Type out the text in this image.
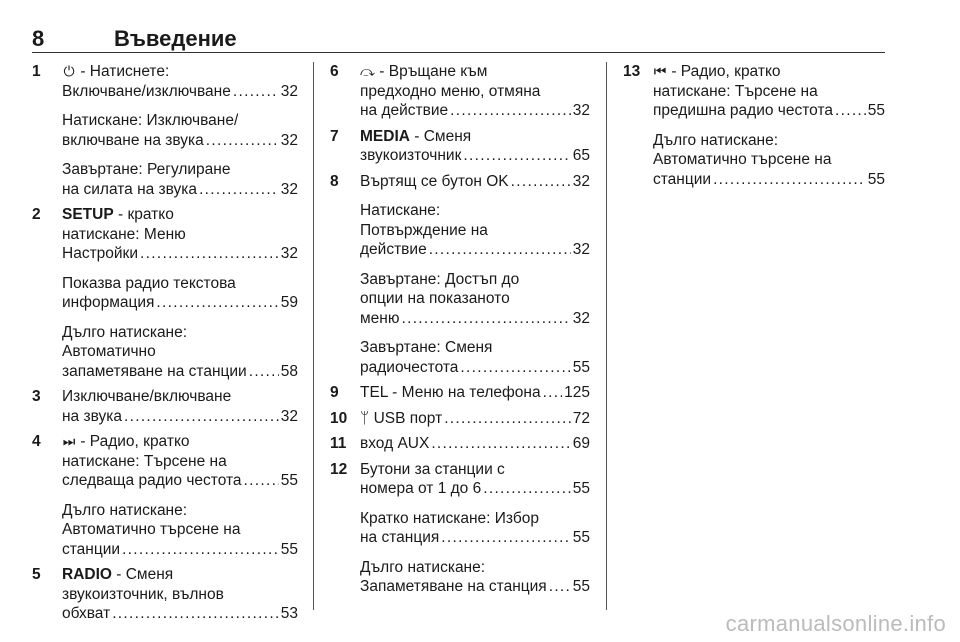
8	Въведение
1 ⏻ - Натиснете:
Включване/изключване . . .	32
Натискане: Изключване/
включване на звука . . .	32
Завъртане: Регулиране
на силата на звука . . .	32
2 SETUP - кратко
натискане: Меню
Настройки . . .	32
Показва радио текстова
информация . . .	59
Дълго натискане:
Автоматично
запаметяване на станции . . . 58
3 Изключване/включване
на звука . . .	32
4 ⏭ - Радио, кратко
натискане: Търсене на
следваща радио честота . . .	55
Дълго натискане:
Автоматично търсене на
станции . . .	55
5 RADIO - Сменя
звукоизточник, вълнов
обхват . . .	53
6 ⤼ - Връщане към
предходно меню, отмяна
на действие . . .	32
7 MEDIA - Сменя
звукоизточник . . .	65
8 Въртящ се бутон OK . . .	32
Натискане:
Потвърждение на
действие . . .	32
Завъртане: Достъп до
опции на показаното
меню . . .	32
Завъртане: Сменя
радиочестота . . .	55
9 TEL - Меню на телефона . . . 125
10 ᛘ USB порт . . .	72
11 вход AUX . . .	69
12 Бутони за станции с
номера от 1 до 6 . . .	55
Кратко натискане: Избор
на станция . . .	55
Дълго натискане:
Запаметяване на станция . . . 55
13 ⏮ - Радио, кратко
натискане: Търсене на
предишна радио честота . . . 55
Дълго натискане:
Автоматично търсене на
станции . . .	55
carmanualsonline.info
